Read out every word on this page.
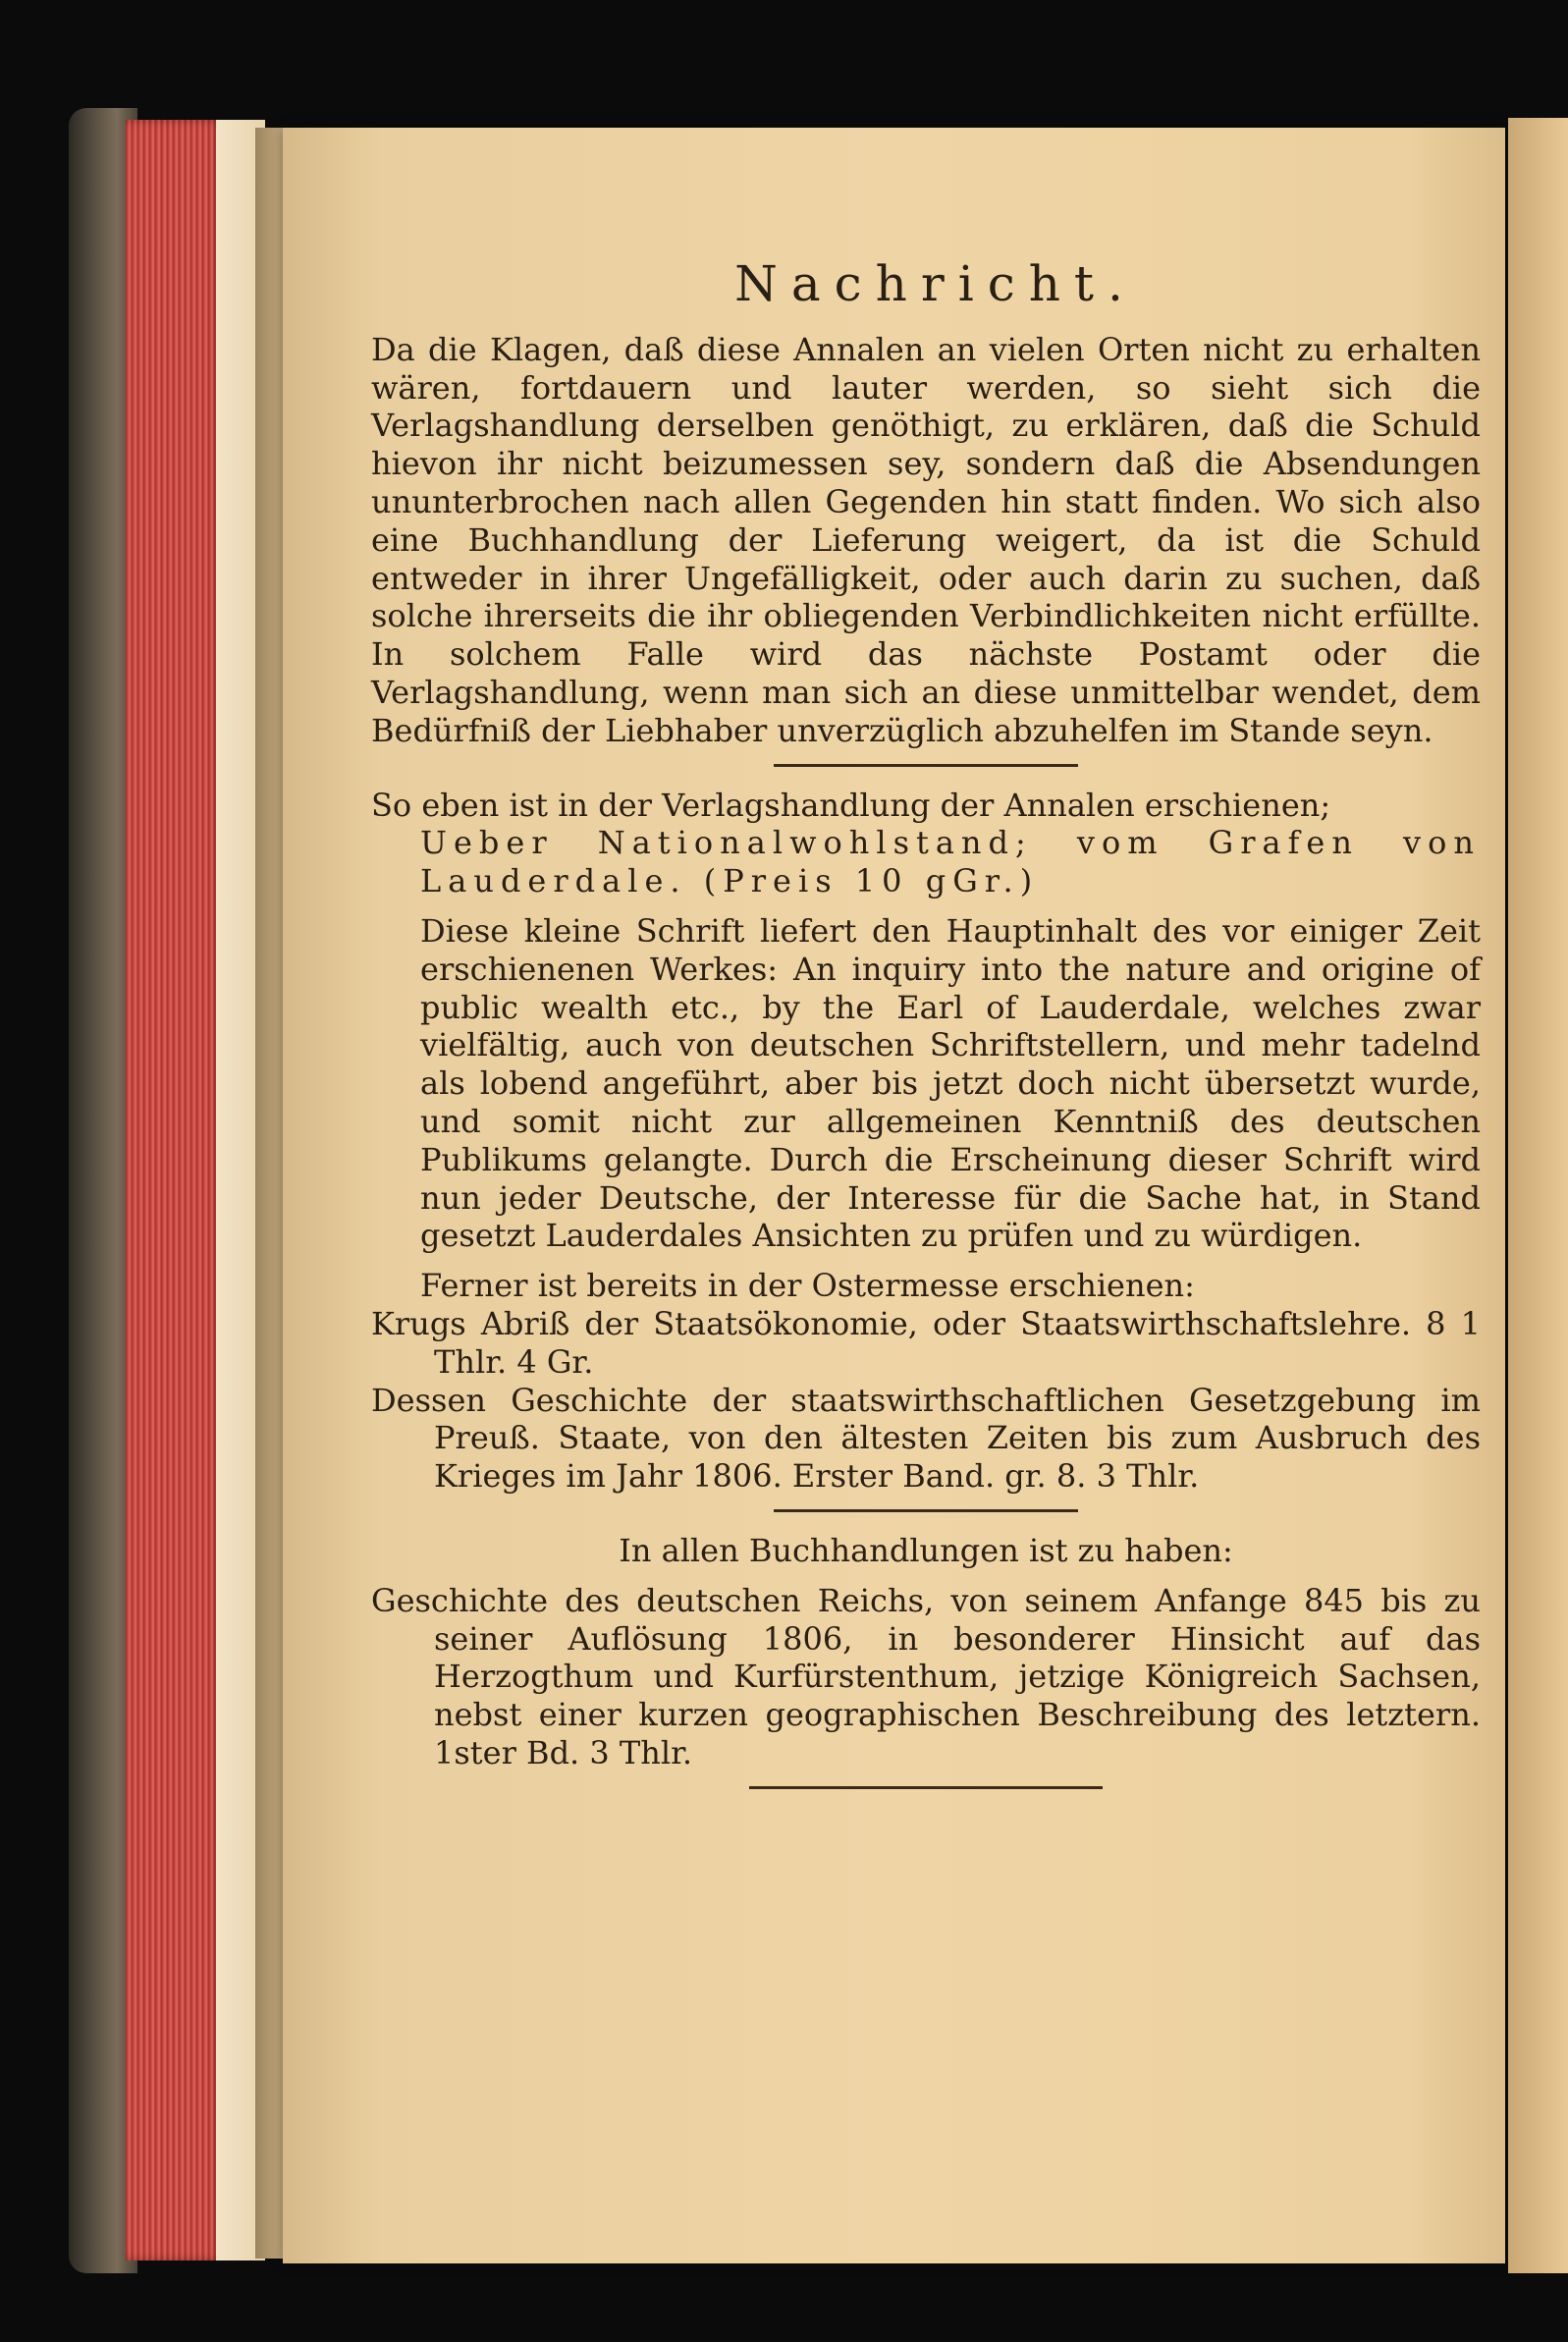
Nachricht.

Da die Klagen, daß diese Annalen an vielen Orten nicht zu erhalten wären, fortdauern und lauter werden, so sieht sich die Verlagshandlung derselben genöthigt, zu erklären, daß die Schuld hievon ihr nicht beizumessen sey, sondern daß die Absendungen ununterbrochen nach allen Gegenden hin statt finden. Wo sich also eine Buchhandlung der Lieferung weigert, da ist die Schuld entweder in ihrer Ungefälligkeit, oder auch darin zu suchen, daß solche ihrerseits die ihr obliegenden Verbindlichkeiten nicht erfüllte. In solchem Falle wird das nächste Postamt oder die Verlagshandlung, wenn man sich an diese unmittelbar wendet, dem Bedürfniß der Liebhaber unverzüglich abzuhelfen im Stande seyn.

So eben ist in der Verlagshandlung der Annalen erschienen;

Ueber Nationalwohlstand; vom Grafen von Lauderdale. (Preis 10 gGr.)

Diese kleine Schrift liefert den Hauptinhalt des vor einiger Zeit erschienenen Werkes: An inquiry into the nature and origine of public wealth etc., by the Earl of Lauderdale, welches zwar vielfältig, auch von deutschen Schriftstellern, und mehr tadelnd als lobend angeführt, aber bis jetzt doch nicht übersetzt wurde, und somit nicht zur allgemeinen Kenntniß des deutschen Publikums gelangte. Durch die Erscheinung dieser Schrift wird nun jeder Deutsche, der Interesse für die Sache hat, in Stand gesetzt Lauderdales Ansichten zu prüfen und zu würdigen.

Ferner ist bereits in der Ostermesse erschienen:

Krugs Abriß der Staatsökonomie, oder Staatswirthschaftslehre. 8 1 Thlr. 4 Gr.

Dessen Geschichte der staatswirthschaftlichen Gesetzgebung im Preuß. Staate, von den ältesten Zeiten bis zum Ausbruch des Krieges im Jahr 1806. Erster Band. gr. 8. 3 Thlr.

In allen Buchhandlungen ist zu haben:

Geschichte des deutschen Reichs, von seinem Anfange 845 bis zu seiner Auflösung 1806, in besonderer Hinsicht auf das Herzogthum und Kurfürstenthum, jetzige Königreich Sachsen, nebst einer kurzen geographischen Beschreibung des letztern. 1ster Bd. 3 Thlr.
